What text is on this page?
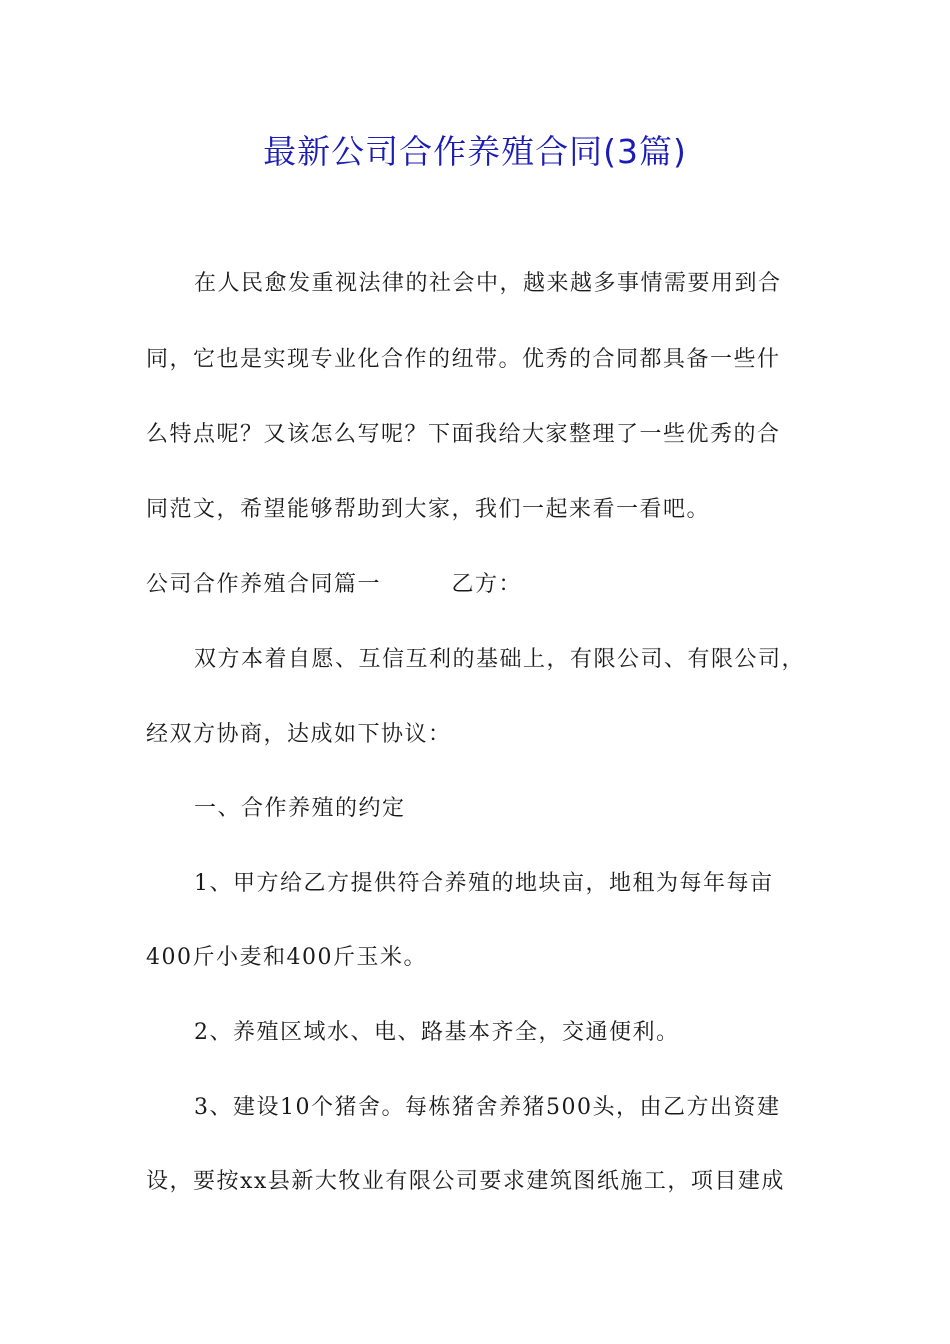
最新公司合作养殖合同(3篇)
在人民愈发重视法律的社会中，越来越多事情需要用到合
同，它也是实现专业化合作的纽带。优秀的合同都具备一些什
么特点呢？又该怎么写呢？下面我给大家整理了一些优秀的合
同范文，希望能够帮助到大家，我们一起来看一看吧。
公司合作养殖合同篇一　　　乙方：
双方本着自愿、互信互利的基础上，有限公司、有限公司，
经双方协商，达成如下协议：
一、合作养殖的约定
1、甲方给乙方提供符合养殖的地块亩，地租为每年每亩
400斤小麦和400斤玉米。
2、养殖区域水、电、路基本齐全，交通便利。
3、建设10个猪舍。每栋猪舍养猪500头，由乙方出资建
设，要按xx县新大牧业有限公司要求建筑图纸施工，项目建成
